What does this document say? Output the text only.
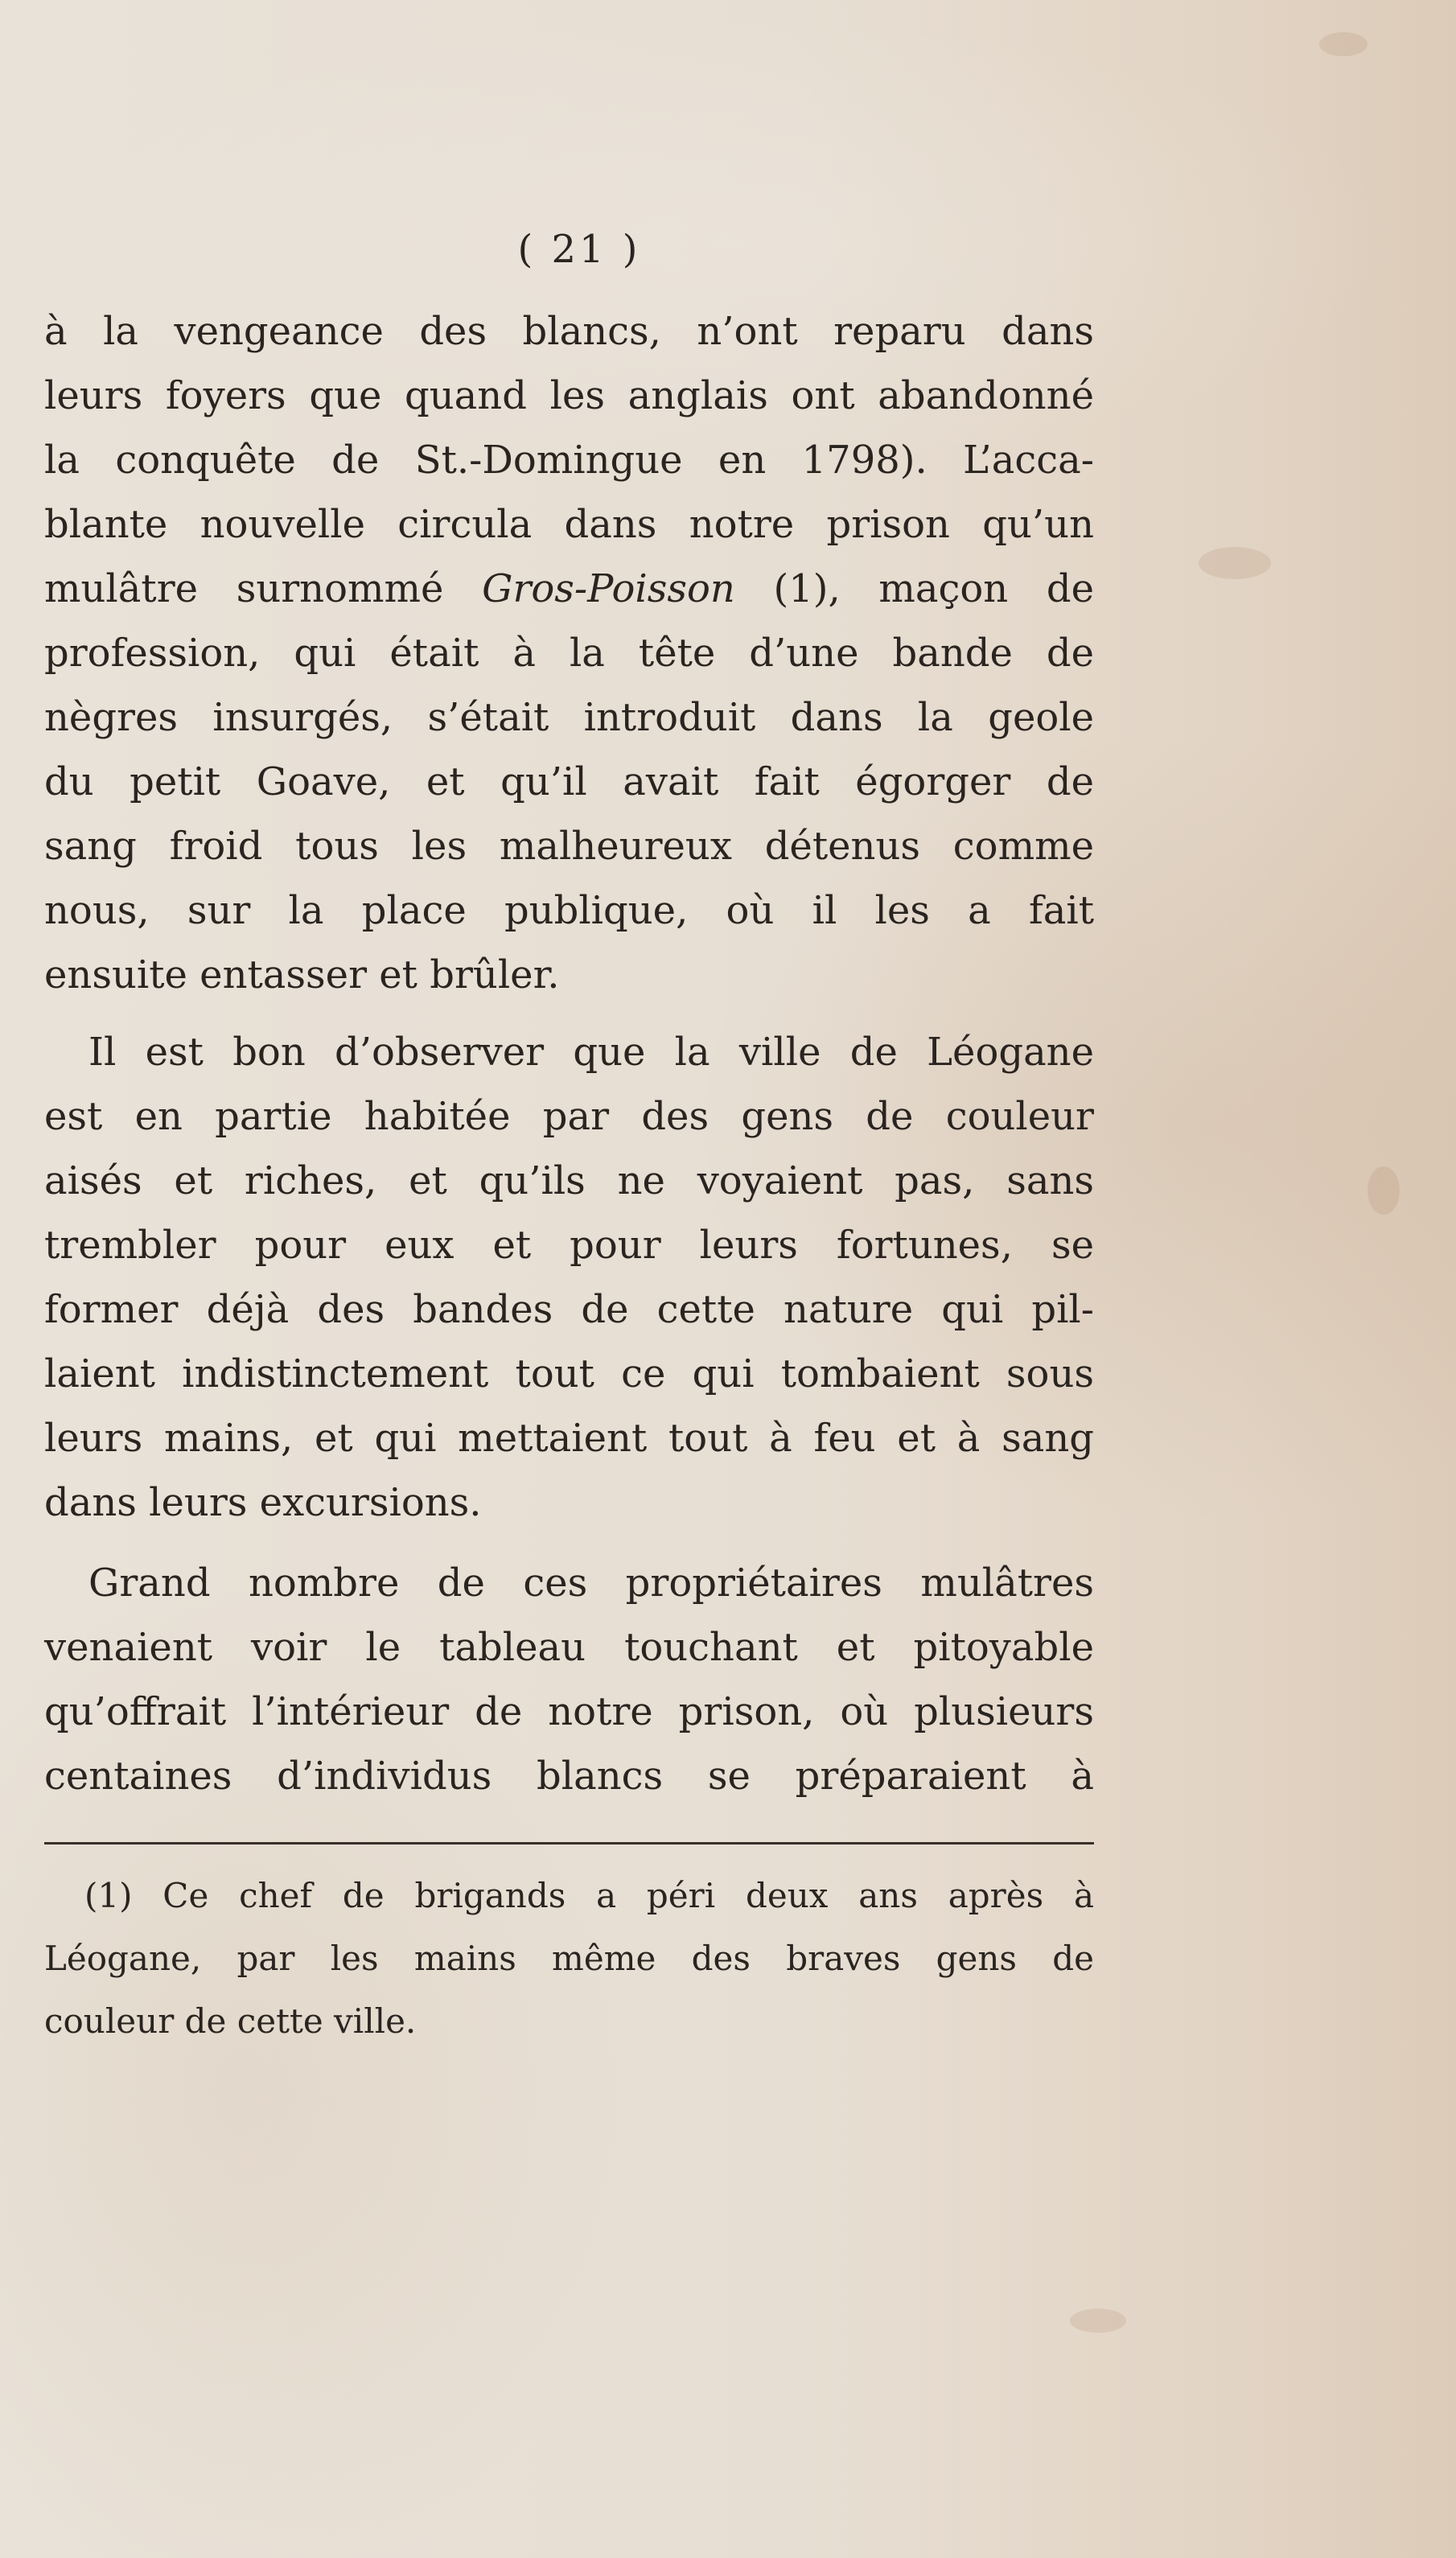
( 21 )
à la vengeance des blancs, n’ont reparu dans
leurs foyers que quand les anglais ont abandonné
la conquête de St.-Domingue en 1798). L’acca-
blante nouvelle circula dans notre prison qu’un
mulâtre surnommé Gros-Poisson (1), maçon de
profession, qui était à la tête d’une bande de
nègres insurgés, s’était introduit dans la geole
du petit Goave, et qu’il avait fait égorger de
sang froid tous les malheureux détenus comme
nous, sur la place publique, où il les a fait
ensuite entasser et brûler.
Il est bon d’observer que la ville de Léogane
est en partie habitée par des gens de couleur
aisés et riches, et qu’ils ne voyaient pas, sans
trembler pour eux et pour leurs fortunes, se
former déjà des bandes de cette nature qui pil-
laient indistinctement tout ce qui tombaient sous
leurs mains, et qui mettaient tout à feu et à sang
dans leurs excursions.
Grand nombre de ces propriétaires mulâtres
venaient voir le tableau touchant et pitoyable
qu’offrait l’intérieur de notre prison, où plusieurs
centaines d’individus blancs se préparaient à
(1) Ce chef de brigands a péri deux ans après à
Léogane, par les mains même des braves gens de
couleur de cette ville.
